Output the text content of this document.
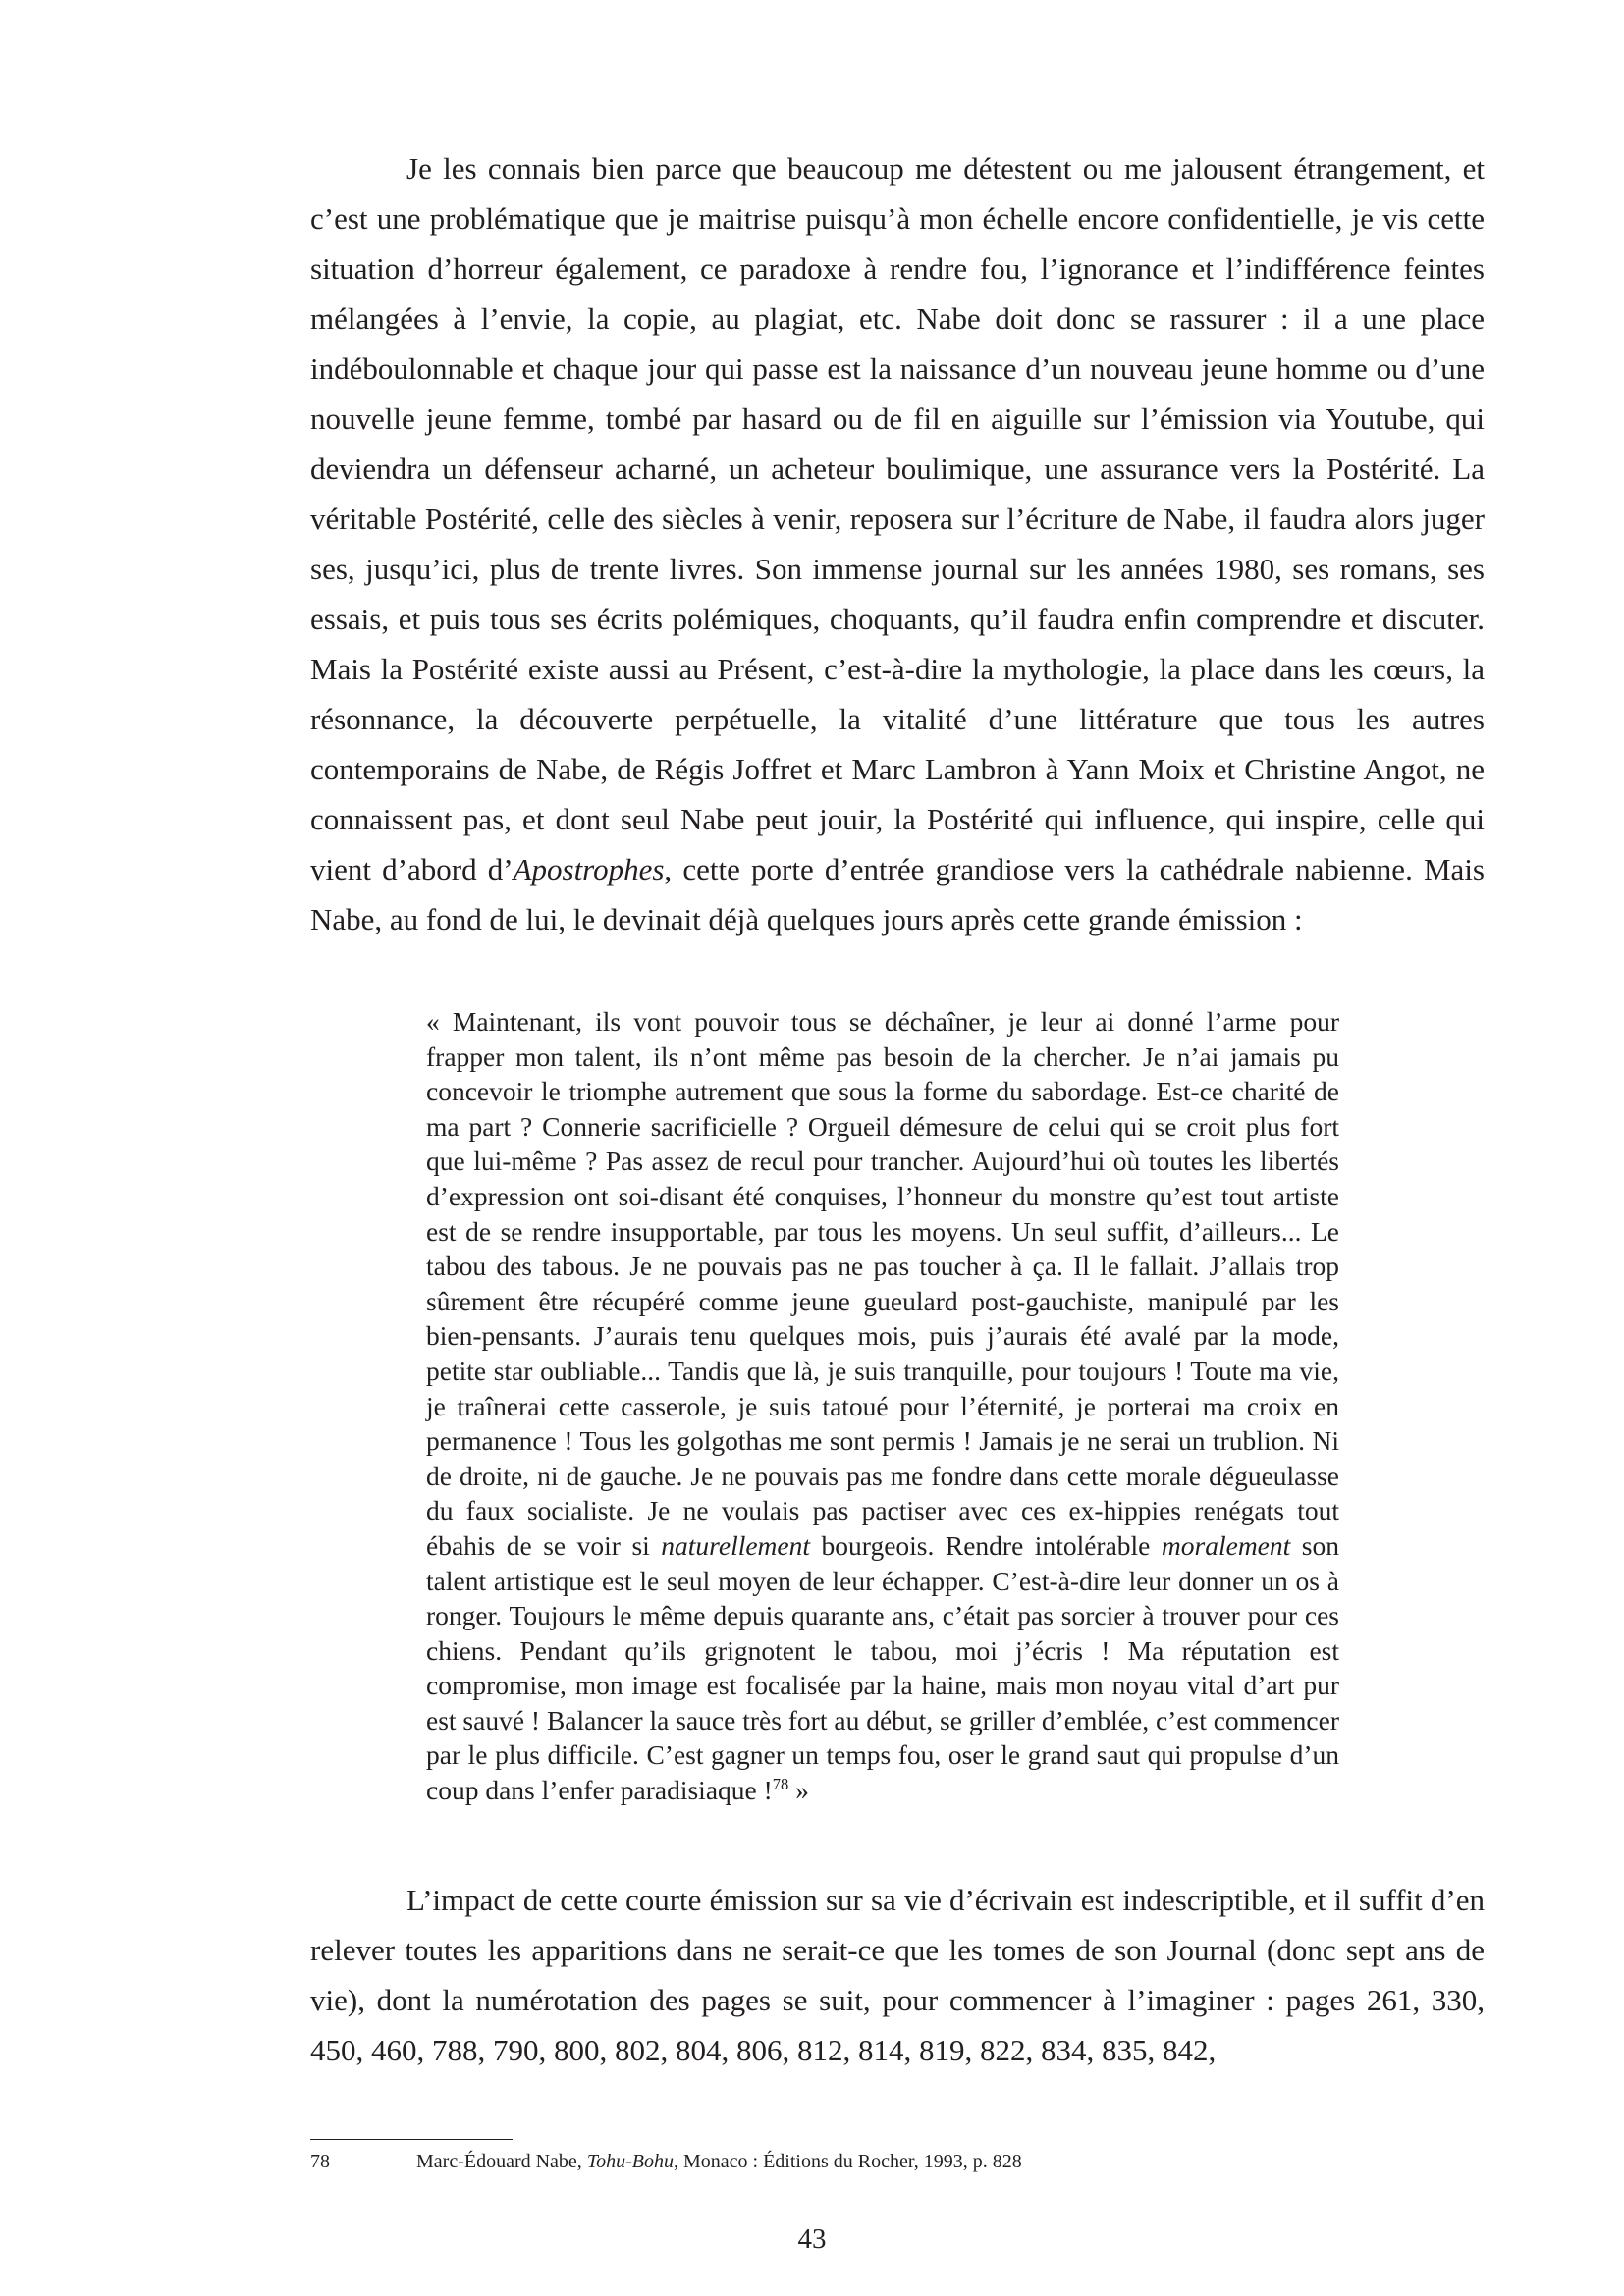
Je les connais bien parce que beaucoup me détestent ou me jalousent étrangement, et c’est une problématique que je maitrise puisqu’à mon échelle encore confidentielle, je vis cette situation d’horreur également, ce paradoxe à rendre fou, l’ignorance et l’indifférence feintes mélangées à l’envie, la copie, au plagiat, etc. Nabe doit donc se rassurer : il a une place indéboulonnable et chaque jour qui passe est la naissance d’un nouveau jeune homme ou d’une nouvelle jeune femme, tombé par hasard ou de fil en aiguille sur l’émission via Youtube, qui deviendra un défenseur acharné, un acheteur boulimique, une assurance vers la Postérité. La véritable Postérité, celle des siècles à venir, reposera sur l’écriture de Nabe, il faudra alors juger ses, jusqu’ici, plus de trente livres. Son immense journal sur les années 1980, ses romans, ses essais, et puis tous ses écrits polémiques, choquants, qu’il faudra enfin comprendre et discuter. Mais la Postérité existe aussi au Présent, c’est-à-dire la mythologie, la place dans les cœurs, la résonnance, la découverte perpétuelle, la vitalité d’une littérature que tous les autres contemporains de Nabe, de Régis Joffret et Marc Lambron à Yann Moix et Christine Angot, ne connaissent pas, et dont seul Nabe peut jouir, la Postérité qui influence, qui inspire, celle qui vient d’abord d’Apostrophes, cette porte d’entrée grandiose vers la cathédrale nabienne. Mais Nabe, au fond de lui, le devinait déjà quelques jours après cette grande émission :

« Maintenant, ils vont pouvoir tous se déchaîner, je leur ai donné l’arme pour frapper mon talent, ils n’ont même pas besoin de la chercher. Je n’ai jamais pu concevoir le triomphe autrement que sous la forme du sabordage. Est-ce charité de ma part ? Connerie sacrificielle ? Orgueil démesure de celui qui se croit plus fort que lui-même ? Pas assez de recul pour trancher. Aujourd’hui où toutes les libertés d’expression ont soi-disant été conquises, l’honneur du monstre qu’est tout artiste est de se rendre insupportable, par tous les moyens. Un seul suffit, d’ailleurs... Le tabou des tabous. Je ne pouvais pas ne pas toucher à ça. Il le fallait. J’allais trop sûrement être récupéré comme jeune gueulard post-gauchiste, manipulé par les bien-pensants. J’aurais tenu quelques mois, puis j’aurais été avalé par la mode, petite star oubliable... Tandis que là, je suis tranquille, pour toujours ! Toute ma vie, je traînerai cette casserole, je suis tatoué pour l’éternité, je porterai ma croix en permanence ! Tous les golgothas me sont permis ! Jamais je ne serai un trublion. Ni de droite, ni de gauche. Je ne pouvais pas me fondre dans cette morale dégueulasse du faux socialiste. Je ne voulais pas pactiser avec ces ex-hippies renégats tout ébahis de se voir si naturellement bourgeois. Rendre intolérable moralement son talent artistique est le seul moyen de leur échapper. C’est-à-dire leur donner un os à ronger. Toujours le même depuis quarante ans, c’était pas sorcier à trouver pour ces chiens. Pendant qu’ils grignotent le tabou, moi j’écris ! Ma réputation est compromise, mon image est focalisée par la haine, mais mon noyau vital d’art pur est sauvé ! Balancer la sauce très fort au début, se griller d’emblée, c’est commencer par le plus difficile. C’est gagner un temps fou, oser le grand saut qui propulse d’un coup dans l’enfer paradisiaque !$^{78}$ »

L’impact de cette courte émission sur sa vie d’écrivain est indescriptible, et il suffit d’en relever toutes les apparitions dans ne serait-ce que les tomes de son Journal (donc sept ans de vie), dont la numérotation des pages se suit, pour commencer à l’imaginer : pages 261, 330, 450, 460, 788, 790, 800, 802, 804, 806, 812, 814, 819, 822, 834, 835, 842,

78	Marc-Édouard Nabe, Tohu-Bohu, Monaco : Éditions du Rocher, 1993, p. 828
43
